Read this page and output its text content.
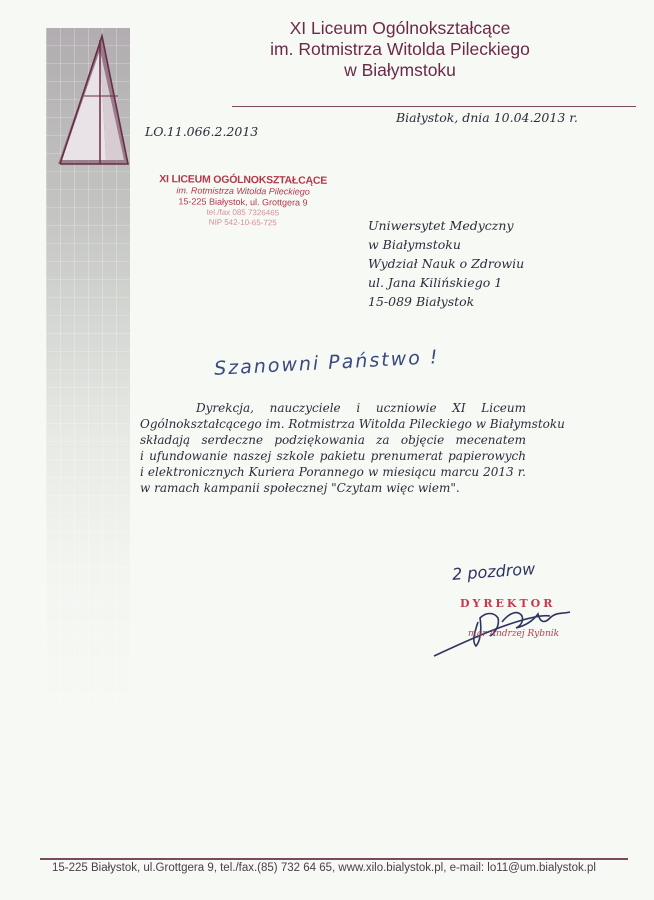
XI Liceum Ogólnokształcące
im. Rotmistrza Witolda Pileckiego
w Białymstoku
Białystok, dnia 10.04.2013 r.
LO.11.066.2.2013
XI LICEUM OGÓLNOKSZTAŁCĄCE
im. Rotmistrza Witolda Pileckiego
15-225 Białystok, ul. Grottgera 9
tel./fax 085 7326465
NIP 542-10-65-725	Uniwersytet Medyczny
w Białymstoku
Wydział Nauk o Zdrowiu
ul. Jana Kilińskiego 1
15-089 Białystok
Szanowni Państwo !
Dyrekcja, nauczyciele i uczniowie XI Liceum
Ogólnokształcącego im. Rotmistrza Witolda Pileckiego w Białymstoku
składają serdeczne podziękowania za objęcie mecenatem
i ufundowanie naszej szkole pakietu prenumerat papierowych
i elektronicznych Kuriera Porannego w miesiącu marcu 2013 r.
w ramach kampanii społecznej "Czytam więc wiem".
2 pozdrow
DYREKTOR
mgr Andrzej Rybnik
15-225 Białystok, ul.Grottgera 9, tel./fax.(85) 732 64 65, www.xilo.bialystok.pl, e-mail: lo11@um.bialystok.pl
